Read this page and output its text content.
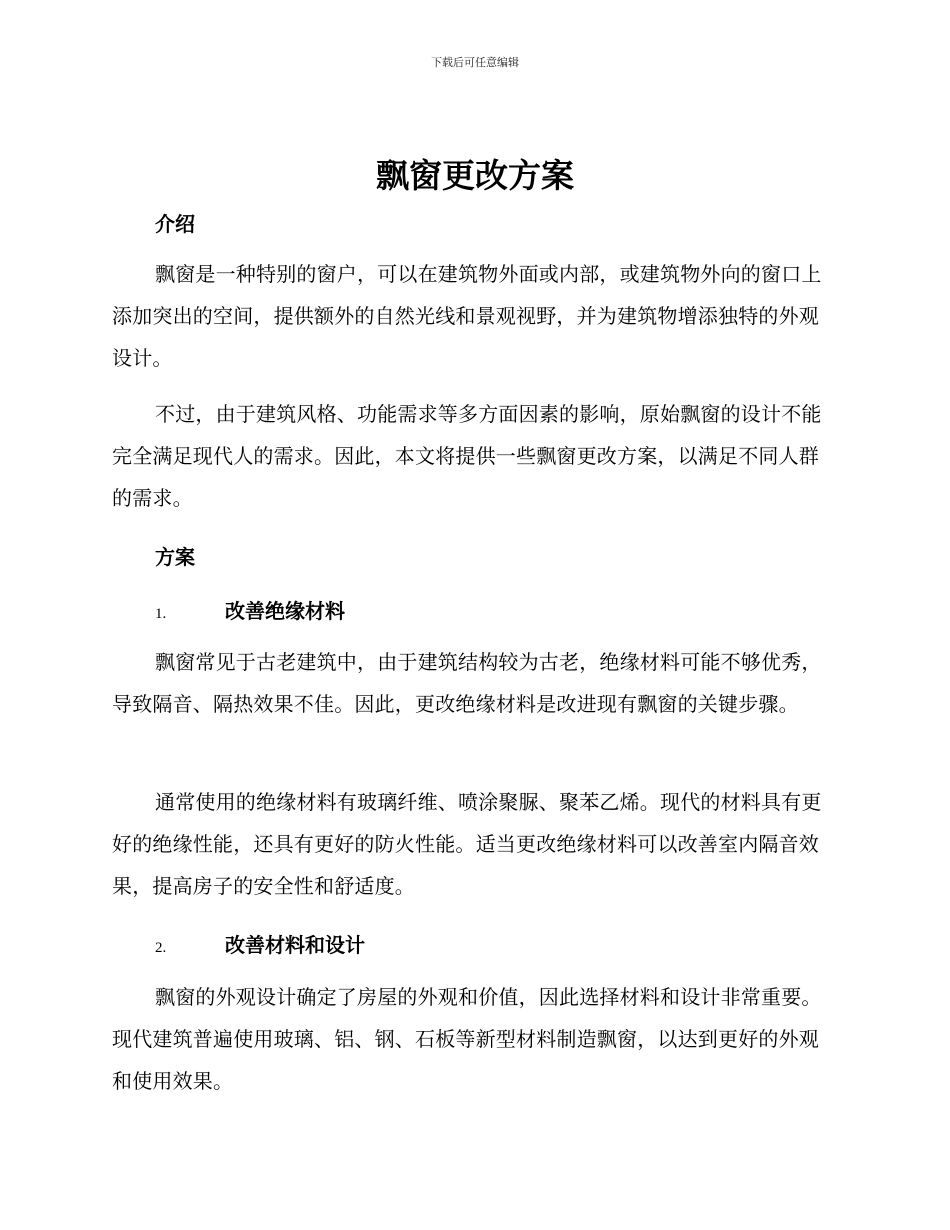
下载后可任意编辑
飘窗更改方案
介绍

飘窗是一种特别的窗户，可以在建筑物外面或内部，或建筑物外向的窗口上添加突出的空间，提供额外的自然光线和景观视野，并为建筑物增添独特的外观设计。

不过，由于建筑风格、功能需求等多方面因素的影响，原始飘窗的设计不能完全满足现代人的需求。因此，本文将提供一些飘窗更改方案，以满足不同人群的需求。

方案
1.	改善绝缘材料

飘窗常见于古老建筑中，由于建筑结构较为古老，绝缘材料可能不够优秀，导致隔音、隔热效果不佳。因此，更改绝缘材料是改进现有飘窗的关键步骤。

通常使用的绝缘材料有玻璃纤维、喷涂聚脲、聚苯乙烯。现代的材料具有更好的绝缘性能，还具有更好的防火性能。适当更改绝缘材料可以改善室内隔音效果，提高房子的安全性和舒适度。

2.	改善材料和设计

飘窗的外观设计确定了房屋的外观和价值，因此选择材料和设计非常重要。现代建筑普遍使用玻璃、铝、钢、石板等新型材料制造飘窗，以达到更好的外观和使用效果。
